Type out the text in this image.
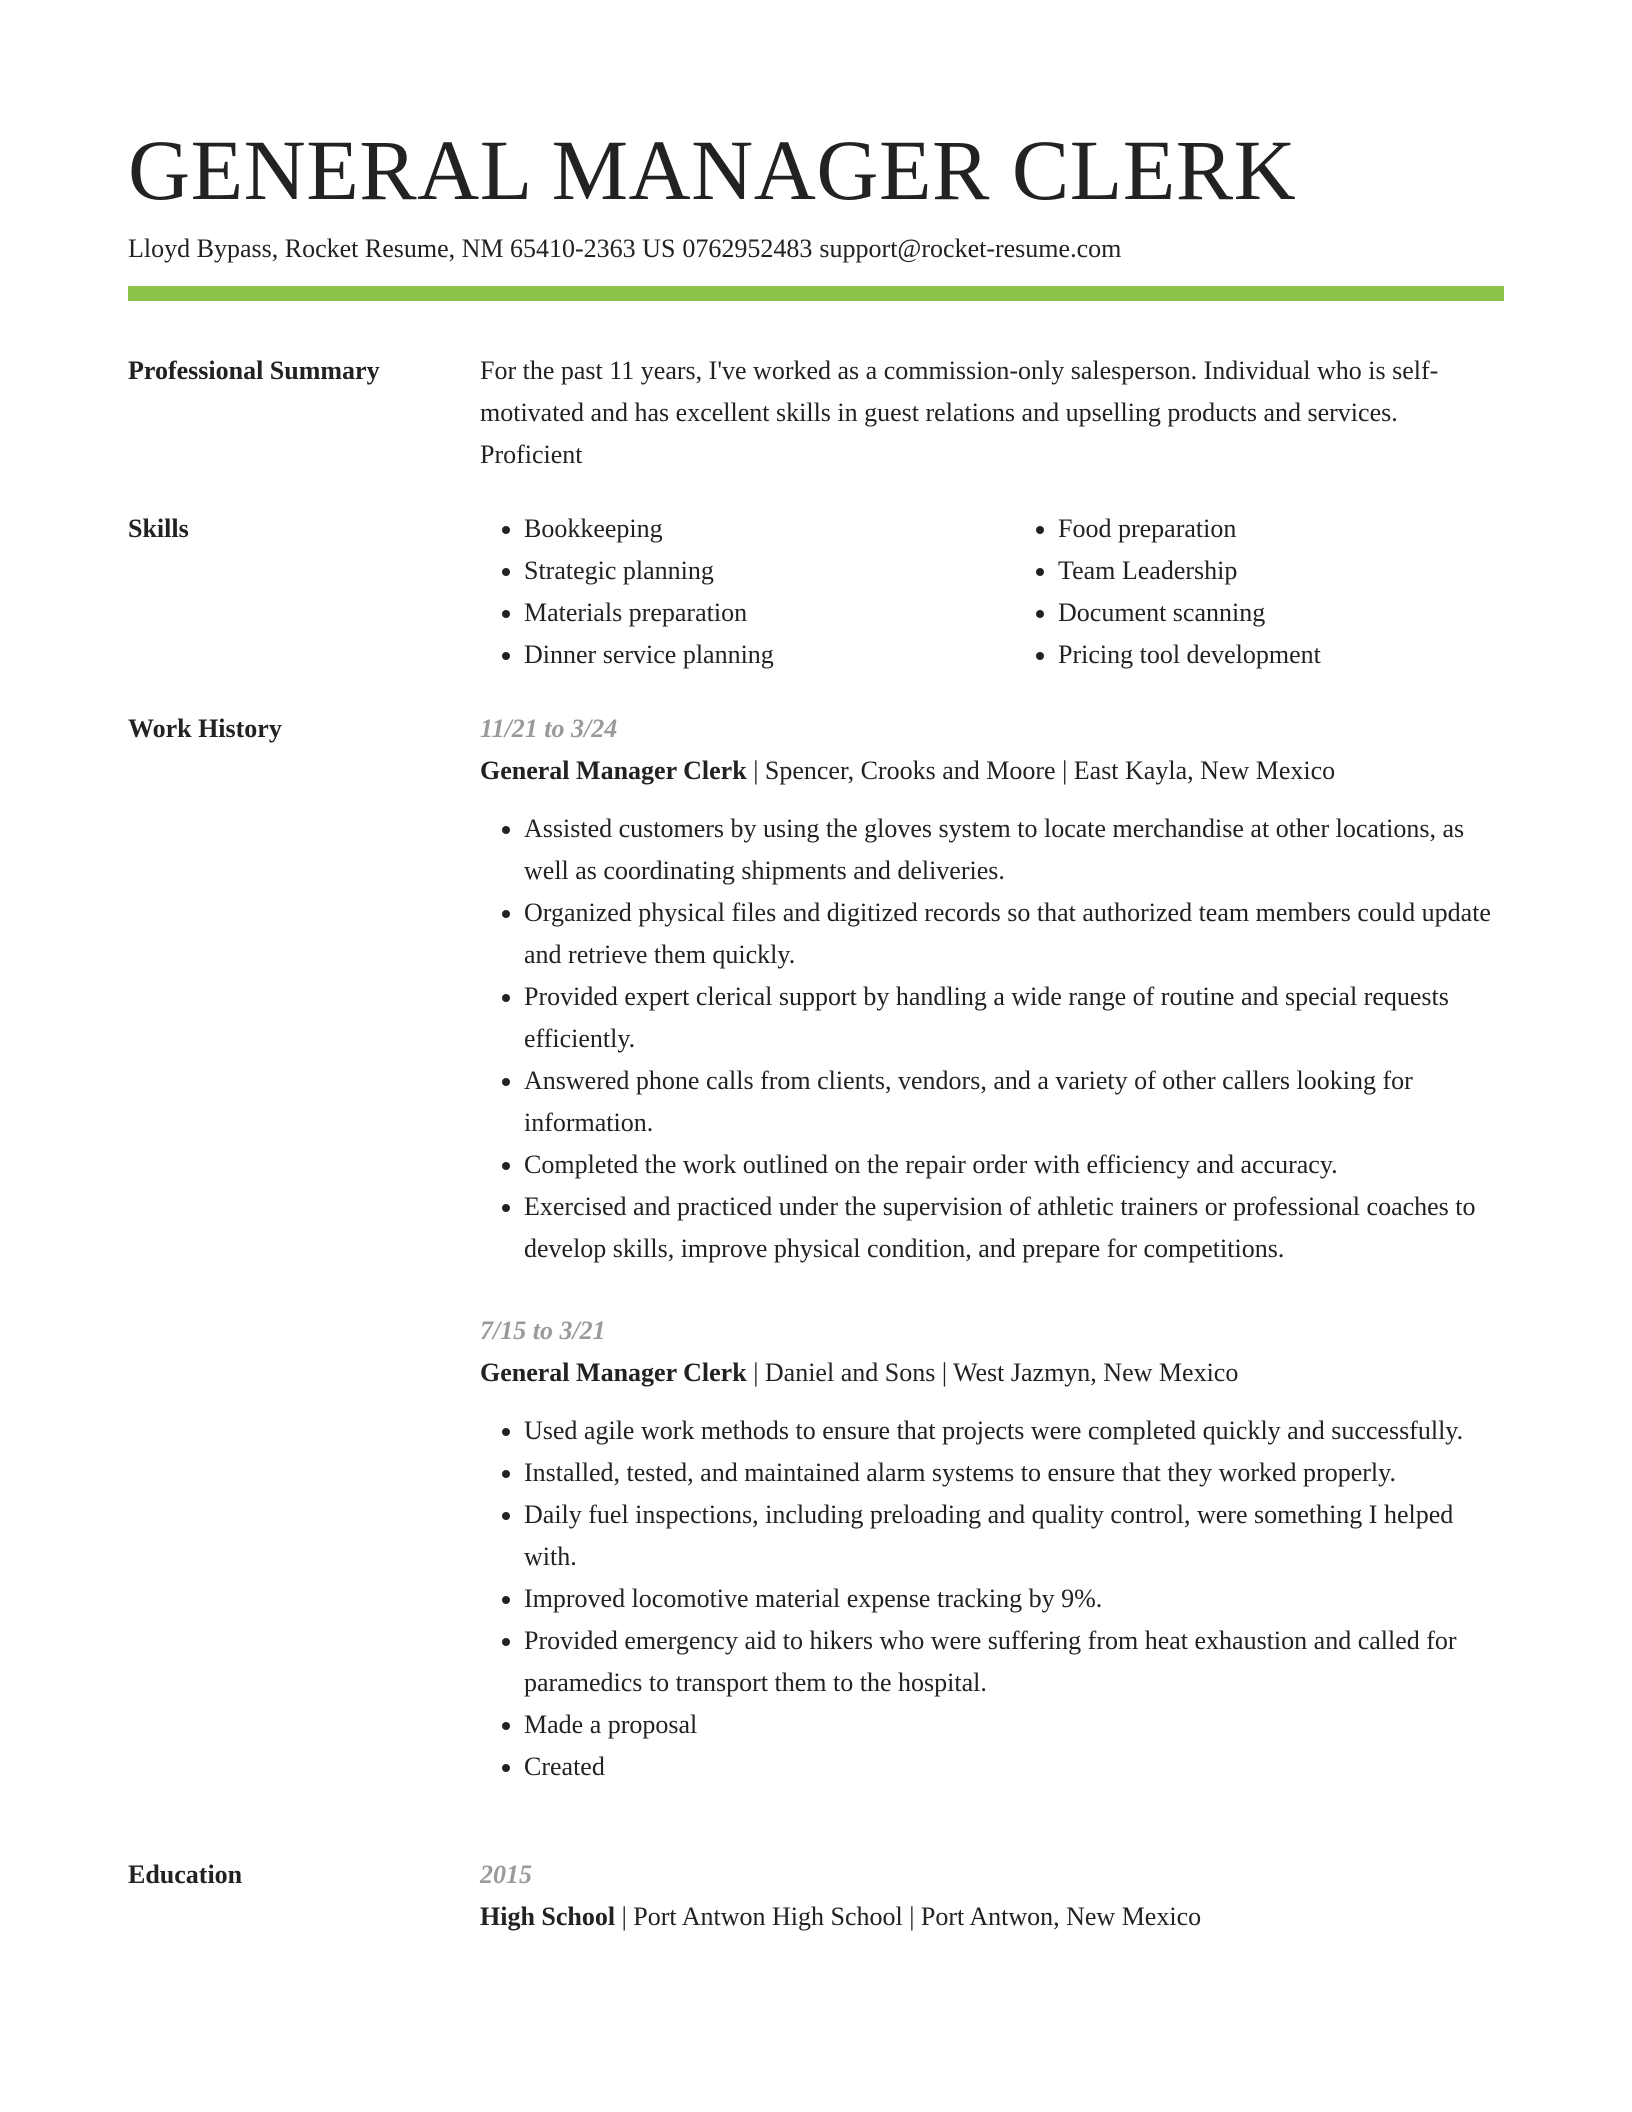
GENERAL MANAGER CLERK
Lloyd Bypass, Rocket Resume, NM 65410-2363 US 0762952483 support@rocket-resume.com
Professional Summary	For the past 11 years, I've worked as a commission-only salesperson. Individual who is self-motivated and has excellent skills in guest relations and upselling products and services. Proficient
Skills
•	Bookkeeping
• Strategic planning
• Materials preparation
• Dinner service planning
• Food preparation
• Team Leadership
• Document scanning
• Pricing tool development
Work History	11/21 to 3/24
General Manager Clerk | Spencer, Crooks and Moore | East Kayla, New Mexico
• Assisted customers by using the gloves system to locate merchandise at other locations, as well as coordinating shipments and deliveries.
• Organized physical files and digitized records so that authorized team members could update and retrieve them quickly.
• Provided expert clerical support by handling a wide range of routine and special requests efficiently.
• Answered phone calls from clients, vendors, and a variety of other callers looking for information.
• Completed the work outlined on the repair order with efficiency and accuracy.
• Exercised and practiced under the supervision of athletic trainers or professional coaches to develop skills, improve physical condition, and prepare for competitions.
7/15 to 3/21
General Manager Clerk | Daniel and Sons | West Jazmyn, New Mexico
• Used agile work methods to ensure that projects were completed quickly and successfully.
• Installed, tested, and maintained alarm systems to ensure that they worked properly.
• Daily fuel inspections, including preloading and quality control, were something I helped with.
• Improved locomotive material expense tracking by 9%.
• Provided emergency aid to hikers who were suffering from heat exhaustion and called for paramedics to transport them to the hospital.
• Made a proposal
• Created
Education	2015
High School | Port Antwon High School | Port Antwon, New Mexico
